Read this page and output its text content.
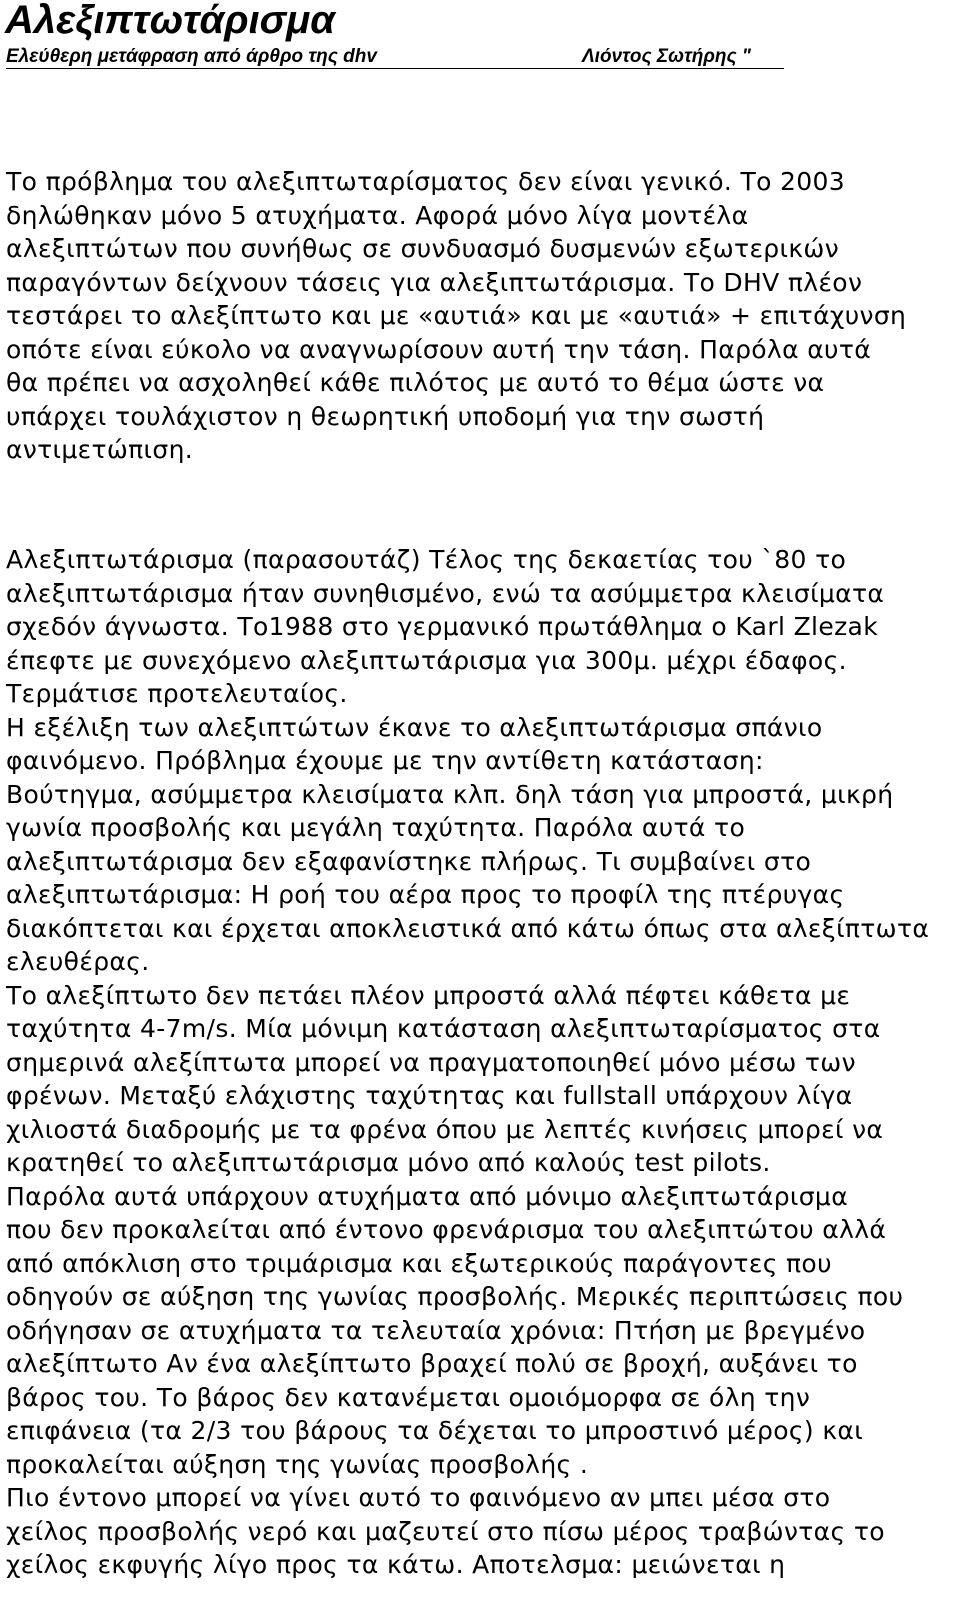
Αλεξιπτωτάρισμα
Ελεύθερη μετάφραση από άρθρο της dhv	Λιόντος Σωτήρης "
Το πρόβλημα του αλεξιπτωταρίσματος δεν είναι γενικό. Το 2003
δηλώθηκαν μόνο 5 ατυχήματα. Αφορά μόνο λίγα μοντέλα
αλεξιπτώτων που συνήθως σε συνδυασμό δυσμενών εξωτερικών
παραγόντων δείχνουν τάσεις για αλεξιπτωτάρισμα. Το DHV πλέον
τεστάρει το αλεξίπτωτο και με «αυτιά» και με «αυτιά» + επιτάχυνση
οπότε είναι εύκολο να αναγνωρίσουν αυτή την τάση. Παρόλα αυτά
θα πρέπει να ασχοληθεί κάθε πιλότος με αυτό το θέμα ώστε να
υπάρχει τουλάχιστον η θεωρητική υποδομή για την σωστή
αντιμετώπιση.
Αλεξιπτωτάρισμα (παρασουτάζ) Τέλος της δεκαετίας του `80 το
αλεξιπτωτάρισμα ήταν συνηθισμένο, ενώ τα ασύμμετρα κλεισίματα
σχεδόν άγνωστα. Το1988 στο γερμανικό πρωτάθλημα ο Karl Zlezak
έπεφτε με συνεχόμενο αλεξιπτωτάρισμα για 300μ. μέχρι έδαφος.
Τερμάτισε προτελευταίος.
Η εξέλιξη των αλεξιπτώτων έκανε το αλεξιπτωτάρισμα σπάνιο
φαινόμενο. Πρόβλημα έχουμε με την αντίθετη κατάσταση:
Βούτηγμα, ασύμμετρα κλεισίματα κλπ. δηλ τάση για μπροστά, μικρή
γωνία προσβολής και μεγάλη ταχύτητα. Παρόλα αυτά το
αλεξιπτωτάρισμα δεν εξαφανίστηκε πλήρως. Τι συμβαίνει στο
αλεξιπτωτάρισμα: Η ροή του αέρα προς το προφίλ της πτέρυγας
διακόπτεται και έρχεται αποκλειστικά από κάτω όπως στα αλεξίπτωτα
ελευθέρας.
Το αλεξίπτωτο δεν πετάει πλέον μπροστά αλλά πέφτει κάθετα με
ταχύτητα 4-7m/s. Μία μόνιμη κατάσταση αλεξιπτωταρίσματος στα
σημερινά αλεξίπτωτα μπορεί να πραγματοποιηθεί μόνο μέσω των
φρένων. Μεταξύ ελάχιστης ταχύτητας και fullstall υπάρχουν λίγα
χιλιοστά διαδρομής με τα φρένα όπου με λεπτές κινήσεις μπορεί να
κρατηθεί το αλεξιπτωτάρισμα μόνο από καλούς test pilots.
Παρόλα αυτά υπάρχουν ατυχήματα από μόνιμο αλεξιπτωτάρισμα
που δεν προκαλείται από έντονο φρενάρισμα του αλεξιπτώτου αλλά
από απόκλιση στο τριμάρισμα και εξωτερικούς παράγοντες που
οδηγούν σε αύξηση της γωνίας προσβολής. Μερικές περιπτώσεις που
οδήγησαν σε ατυχήματα τα τελευταία χρόνια: Πτήση με βρεγμένο
αλεξίπτωτο Αν ένα αλεξίπτωτο βραχεί πολύ σε βροχή, αυξάνει το
βάρος του. Το βάρος δεν κατανέμεται ομοιόμορφα σε όλη την
επιφάνεια (τα 2/3 του βάρους τα δέχεται το μπροστινό μέρος) και
προκαλείται αύξηση της γωνίας προσβολής .
Πιο έντονο μπορεί να γίνει αυτό το φαινόμενο αν μπει μέσα στο
χείλος προσβολής νερό και μαζευτεί στο πίσω μέρος τραβώντας το
χείλος εκφυγής λίγο προς τα κάτω. Αποτελσμα: μειώνεται η
